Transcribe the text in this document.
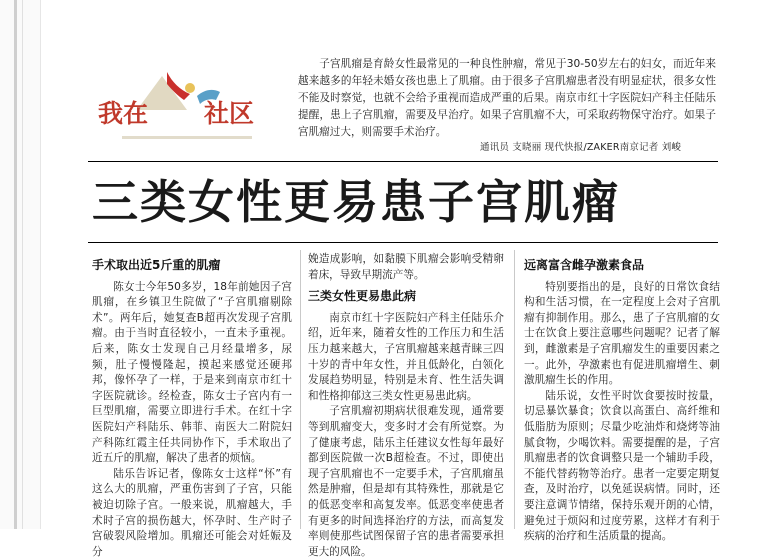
我在 社区

子宫肌瘤是育龄女性最常见的一种良性肿瘤，常见于30-50岁左右的妇女，而近年来越来越多的年轻未婚女孩也患上了肌瘤。由于很多子宫肌瘤患者没有明显症状，很多女性不能及时察觉，也就不会给予重视而造成严重的后果。南京市红十字医院妇产科主任陆乐提醒，患上子宫肌瘤，需要及早治疗。如果子宫肌瘤不大，可采取药物保守治疗。如果子宫肌瘤过大，则需要手术治疗。

通讯员 支晓丽 现代快报/ZAKER南京记者 刘峻
三类女性更易患子宫肌瘤
手术取出近5斤重的肌瘤

陈女士今年50多岁，18年前她因子宫肌瘤，在乡镇卫生院做了“子宫肌瘤剔除术”。两年后，她复查B超再次发现子宫肌瘤。由于当时直径较小，一直未予重视。后来，陈女士发现自己月经量增多，尿频，肚子慢慢隆起，摸起来感觉还硬邦邦，像怀孕了一样，于是来到南京市红十字医院就诊。经检查，陈女士子宫内有一巨型肌瘤，需要立即进行手术。在红十字医院妇产科陆乐、韩菲、南医大二附院妇产科陈红霞主任共同协作下，手术取出了近五斤的肌瘤，解决了患者的烦恼。

陆乐告诉记者，像陈女士这样“怀”有这么大的肌瘤，严重伤害到了子宫，只能被迫切除子宫。一般来说，肌瘤越大，手术时子宫的损伤越大，怀孕时、生产时子宫破裂风险增加。肌瘤还可能会对妊娠及分

娩造成影响，如黏膜下肌瘤会影响受精卵着床，导致早期流产等。

三类女性更易患此病

南京市红十字医院妇产科主任陆乐介绍，近年来，随着女性的工作压力和生活压力越来越大，子宫肌瘤越来越青睐三四十岁的青中年女性，并且低龄化，白领化发展趋势明显，特别是未育、性生活失调和性格抑郁这三类女性更易患此病。

子宫肌瘤初期病状很难发现，通常要等到肌瘤变大，变多时才会有所觉察。为了健康考虑，陆乐主任建议女性每年最好都到医院做一次B超检查。不过，即使出现子宫肌瘤也不一定要手术，子宫肌瘤虽然是肿瘤，但是却有其特殊性，那就是它的低恶变率和高复发率。低恶变率使患者有更多的时间选择治疗的方法，而高复发率则使那些试图保留子宫的患者需要承担更大的风险。

远离富含雌孕激素食品

特别要指出的是，良好的日常饮食结构和生活习惯，在一定程度上会对子宫肌瘤有抑制作用。那么，患了子宫肌瘤的女士在饮食上要注意哪些问题呢？记者了解到，雌激素是子宫肌瘤发生的重要因素之一。此外，孕激素也有促进肌瘤增生、刺激肌瘤生长的作用。

陆乐说，女性平时饮食要按时按量，切忌暴饮暴食；饮食以高蛋白、高纤维和低脂肪为原则；尽量少吃油炸和烧烤等油腻食物，少喝饮料。需要提醒的是，子宫肌瘤患者的饮食调整只是一个辅助手段，不能代替药物等治疗。患者一定要定期复查，及时治疗，以免延误病情。同时，还要注意调节情绪，保持乐观开朗的心情，避免过于烦闷和过度劳累，这样才有利于疾病的治疗和生活质量的提高。
